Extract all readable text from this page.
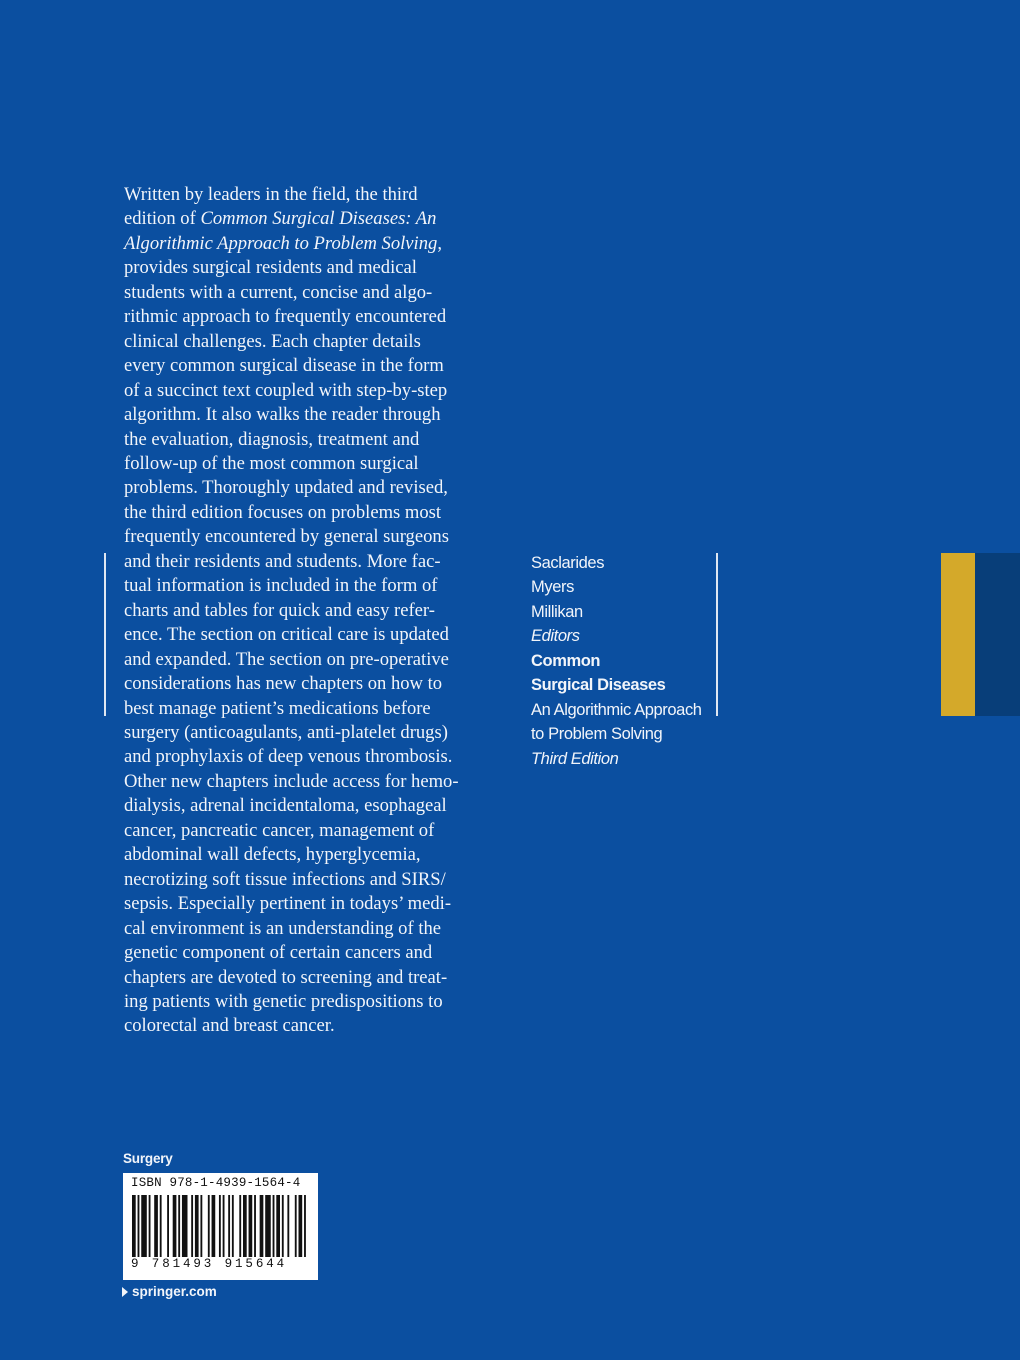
Written by leaders in the field, the third
edition of Common Surgical Diseases: An
Algorithmic Approach to Problem Solving,
provides surgical residents and medical
students with a current, concise and algo-
rithmic approach to frequently encountered
clinical challenges. Each chapter details
every common surgical disease in the form
of a succinct text coupled with step-by-step
algorithm. It also walks the reader through
the evaluation, diagnosis, treatment and
follow-up of the most common surgical
problems. Thoroughly updated and revised,
the third edition focuses on problems most
frequently encountered by general surgeons
and their residents and students. More fac-
tual information is included in the form of
charts and tables for quick and easy refer-
ence. The section on critical care is updated
and expanded. The section on pre-operative
considerations has new chapters on how to
best manage patient’s medications before
surgery (anticoagulants, anti-platelet drugs)
and prophylaxis of deep venous thrombosis.
Other new chapters include access for hemo-
dialysis, adrenal incidentaloma, esophageal
cancer, pancreatic cancer, management of
abdominal wall defects, hyperglycemia,
necrotizing soft tissue infections and SIRS/
sepsis. Especially pertinent in todays’ medi-
cal environment is an understanding of the
genetic component of certain cancers and
chapters are devoted to screening and treat-
ing patients with genetic predispositions to
colorectal and breast cancer.
Saclarides
Myers
Millikan
Editors
Common
Surgical Diseases
An Algorithmic Approach
to Problem Solving
Third Edition
Surgery
ISBN 978-1-4939-1564-4
9 781493 915644
springer.com
